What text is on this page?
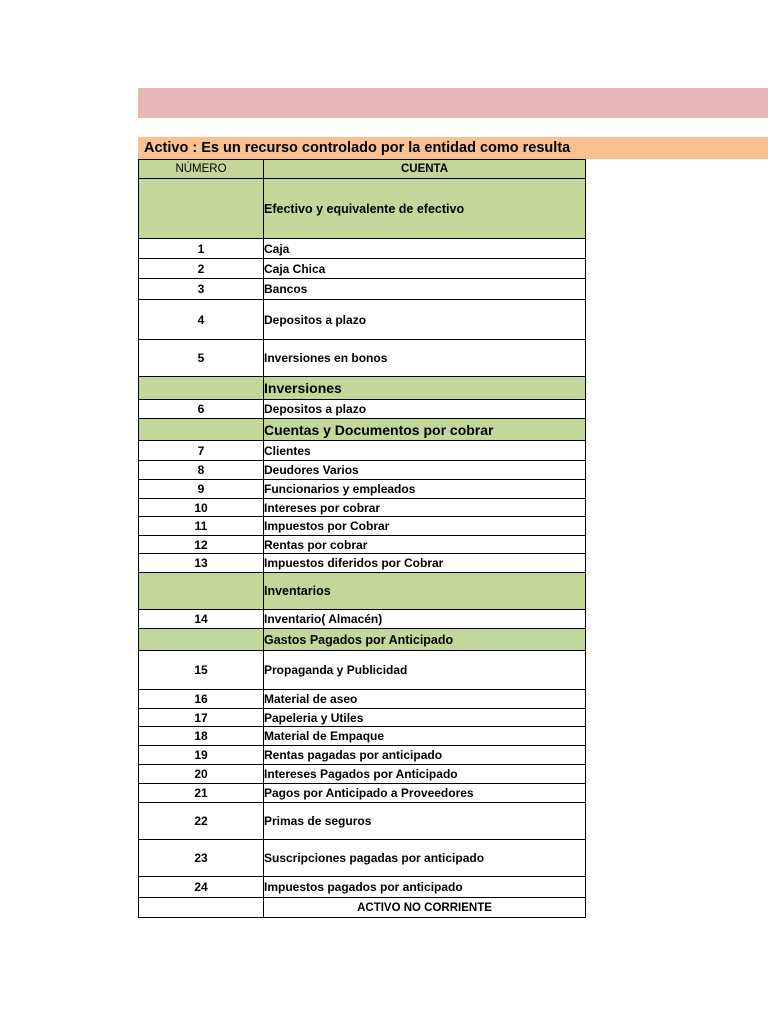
Activo : Es un recurso controlado por la entidad como resulta
NÚMERO	CUENTA
	Efectivo y equivalente de efectivo
1	Caja
2	Caja Chica
3	Bancos
4	Depositos a plazo
5	Inversiones en bonos
	Inversiones
6	Depositos a plazo
	Cuentas y Documentos por cobrar
7	Clientes
8	Deudores Varios
9	Funcionarios y empleados
10	Intereses por cobrar
11	Impuestos por Cobrar
12	Rentas por cobrar
13	Impuestos diferidos por Cobrar
	Inventarios
14	Inventario( Almacén)
	Gastos Pagados por Anticipado
15	Propaganda y Publicidad
16	Material de aseo
17	Papeleria y Utiles
18	Material de Empaque
19	Rentas pagadas por anticipado
20	Intereses Pagados por Anticipado
21	Pagos por Anticipado a Proveedores
22	Primas de seguros
23	Suscripciones pagadas por anticipado
24	Impuestos pagados por anticipado
	ACTIVO NO CORRIENTE
